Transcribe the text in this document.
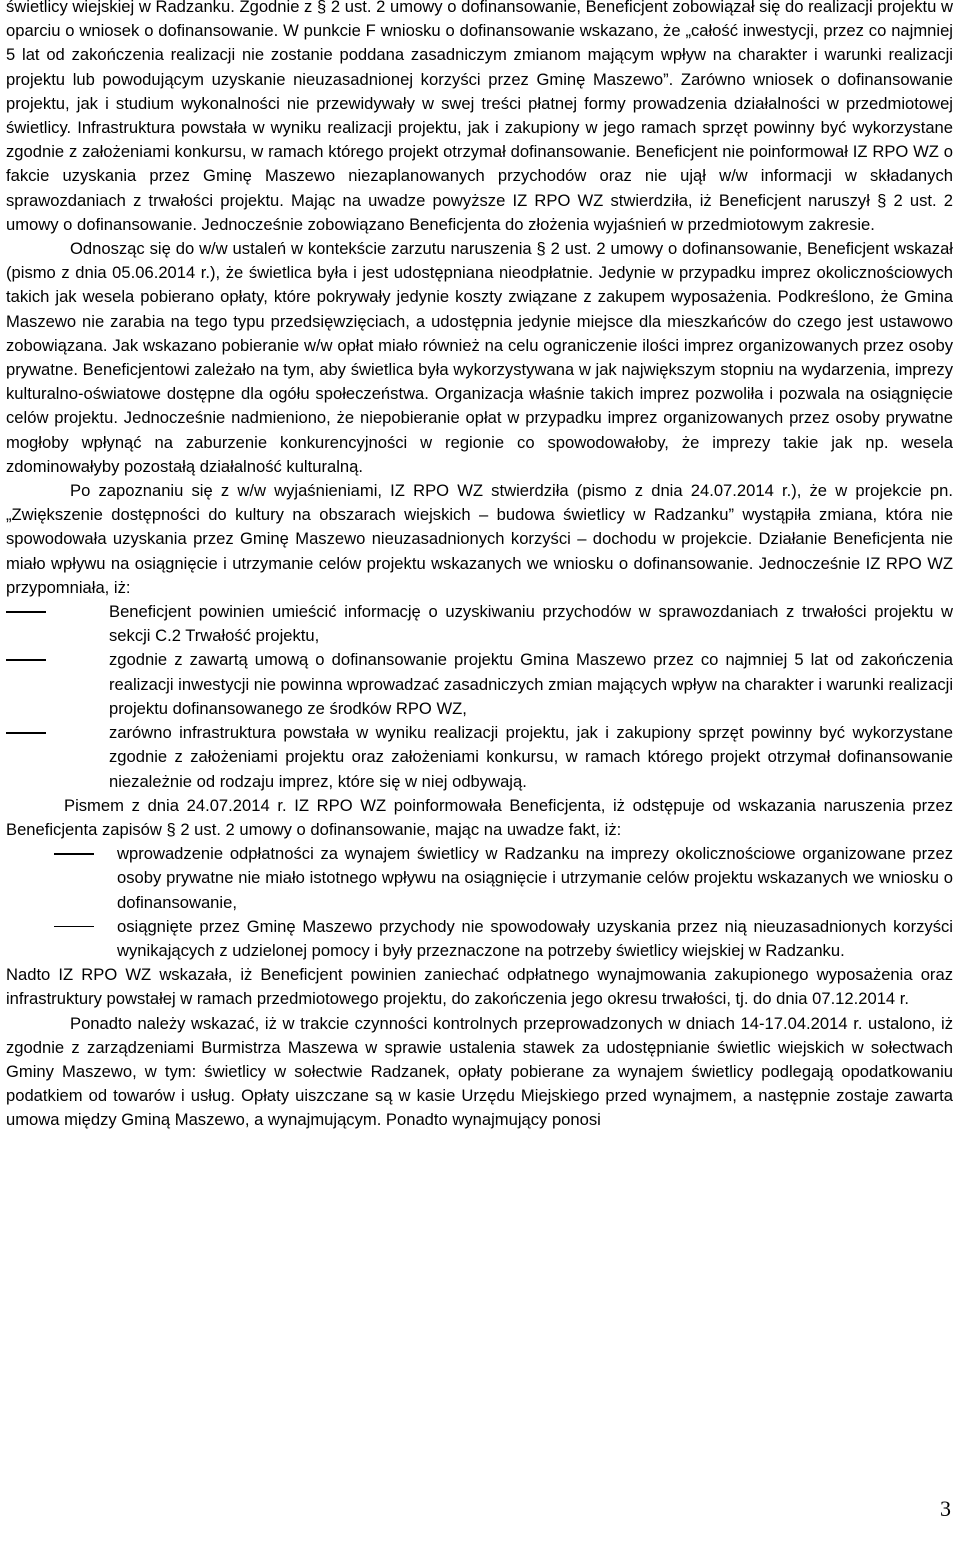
świetlicy wiejskiej w Radzanku. Zgodnie z § 2 ust. 2 umowy o dofinansowanie, Beneficjent zobowiązał się do realizacji projektu w oparciu o wniosek o dofinansowanie. W punkcie F wniosku o dofinansowanie wskazano, że „całość inwestycji, przez co najmniej 5 lat od zakończenia realizacji nie zostanie poddana zasadniczym zmianom mającym wpływ na charakter i warunki realizacji projektu lub powodującym uzyskanie nieuzasadnionej korzyści przez Gminę Maszewo”. Zarówno wniosek o dofinansowanie projektu, jak i studium wykonalności nie przewidywały w swej treści płatnej formy prowadzenia działalności w przedmiotowej świetlicy. Infrastruktura powstała w wyniku realizacji projektu, jak i zakupiony w jego ramach sprzęt powinny być wykorzystane zgodnie z założeniami konkursu, w ramach którego projekt otrzymał dofinansowanie. Beneficjent nie poinformował IZ RPO WZ o fakcie uzyskania przez Gminę Maszewo niezaplanowanych przychodów oraz nie ujął w/w informacji w składanych sprawozdaniach z trwałości projektu. Mając na uwadze powyższe IZ RPO WZ stwierdziła, iż Beneficjent naruszył § 2 ust. 2 umowy o dofinansowanie. Jednocześnie zobowiązano Beneficjenta do złożenia wyjaśnień w przedmiotowym zakresie.

Odnosząc się do w/w ustaleń w kontekście zarzutu naruszenia § 2 ust. 2 umowy o dofinansowanie, Beneficjent wskazał (pismo z dnia 05.06.2014 r.), że świetlica była i jest udostępniana nieodpłatnie. Jedynie w przypadku imprez okolicznościowych takich jak wesela pobierano opłaty, które pokrywały jedynie koszty związane z zakupem wyposażenia. Podkreślono, że Gmina Maszewo nie zarabia na tego typu przedsięwzięciach, a udostępnia jedynie miejsce dla mieszkańców do czego jest ustawowo zobowiązana. Jak wskazano pobieranie w/w opłat miało również na celu ograniczenie ilości imprez organizowanych przez osoby prywatne. Beneficjentowi zależało na tym, aby świetlica była wykorzystywana w jak największym stopniu na wydarzenia, imprezy kulturalno-oświatowe dostępne dla ogółu społeczeństwa. Organizacja właśnie takich imprez pozwoliła i pozwala na osiągnięcie celów projektu. Jednocześnie nadmieniono, że niepobieranie opłat w przypadku imprez organizowanych przez osoby prywatne mogłoby wpłynąć na zaburzenie konkurencyjności w regionie co spowodowałoby, że imprezy takie jak np. wesela zdominowałyby pozostałą działalność kulturalną.

Po zapoznaniu się z w/w wyjaśnieniami, IZ RPO WZ stwierdziła (pismo z dnia 24.07.2014 r.), że w projekcie pn. „Zwiększenie dostępności do kultury na obszarach wiejskich – budowa świetlicy w Radzanku” wystąpiła zmiana, która nie spowodowała uzyskania przez Gminę Maszewo nieuzasadnionych korzyści – dochodu w projekcie. Działanie Beneficjenta nie miało wpływu na osiągnięcie i utrzymanie celów projektu wskazanych we wniosku o dofinansowanie. Jednocześnie IZ RPO WZ przypomniała, iż:

Beneficjent powinien umieścić informację o uzyskiwaniu przychodów w sprawozdaniach z trwałości projektu w sekcji C.2 Trwałość projektu,
zgodnie z zawartą umową o dofinansowanie projektu Gmina Maszewo przez co najmniej 5 lat od zakończenia realizacji inwestycji nie powinna wprowadzać zasadniczych zmian mających wpływ na charakter i warunki realizacji projektu dofinansowanego ze środków RPO WZ,
zarówno infrastruktura powstała w wyniku realizacji projektu, jak i zakupiony sprzęt powinny być wykorzystane zgodnie z założeniami projektu oraz założeniami konkursu, w ramach którego projekt otrzymał dofinansowanie niezależnie od rodzaju imprez, które się w niej odbywają.

Pismem z dnia 24.07.2014 r. IZ RPO WZ poinformowała Beneficjenta, iż odstępuje od wskazania naruszenia przez Beneficjenta zapisów § 2 ust. 2 umowy o dofinansowanie, mając na uwadze fakt, iż:

wprowadzenie odpłatności za wynajem świetlicy w Radzanku na imprezy okolicznościowe organizowane przez osoby prywatne nie miało istotnego wpływu na osiągnięcie i utrzymanie celów projektu wskazanych we wniosku o dofinansowanie,
osiągnięte przez Gminę Maszewo przychody nie spowodowały uzyskania przez nią nieuzasadnionych korzyści wynikających z udzielonej pomocy i były przeznaczone na potrzeby świetlicy wiejskiej w Radzanku.

Nadto IZ RPO WZ wskazała, iż Beneficjent powinien zaniechać odpłatnego wynajmowania zakupionego wyposażenia oraz infrastruktury powstałej w ramach przedmiotowego projektu, do zakończenia jego okresu trwałości, tj. do dnia 07.12.2014 r.

Ponadto należy wskazać, iż w trakcie czynności kontrolnych przeprowadzonych w dniach 14-17.04.2014 r. ustalono, iż zgodnie z zarządzeniami Burmistrza Maszewa w sprawie ustalenia stawek za udostępnianie świetlic wiejskich w sołectwach Gminy Maszewo, w tym: świetlicy w sołectwie Radzanek, opłaty pobierane za wynajem świetlicy podlegają opodatkowaniu podatkiem od towarów i usług. Opłaty uiszczane są w kasie Urzędu Miejskiego przed wynajmem, a następnie zostaje zawarta umowa między Gminą Maszewo, a wynajmującym. Ponadto wynajmujący ponosi

3
